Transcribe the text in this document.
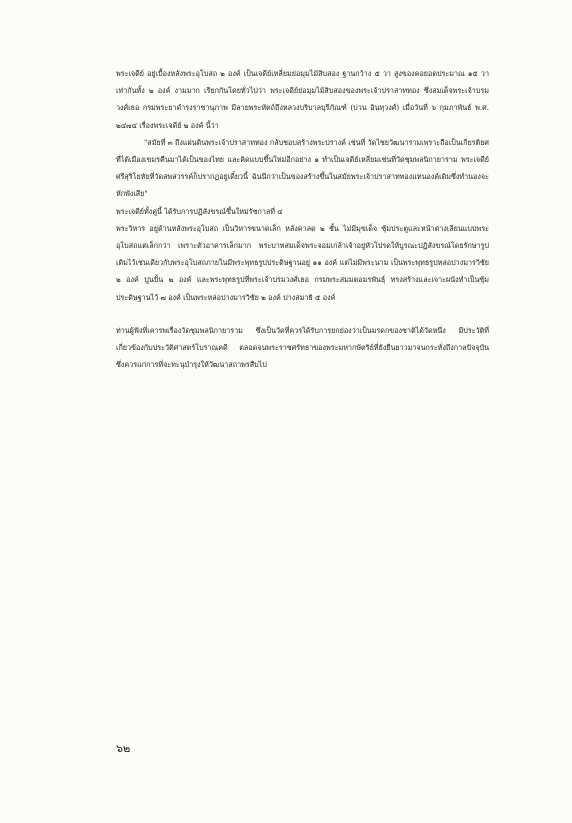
พระเจดีย์ อยู่เบื้องหลังพระอุโบสถ ๒ องค์ เป็นเจดีย์เหลี่ยมย่อมุมไม้สิบสอง ฐานกว้าง ๕ วา สูงของคอยอดประมาณ ๑๕ วา เท่ากันทั้ง ๒ องค์ งามมาก เรียกกันโดยทั่วไปว่า พระเจดีย์ย่อมุมไม้สิบสองของพระเจ้าปราสาททอง ซึ่งสมเด็จพระเจ้าบรมวงศ์เธอ กรมพระยาดำรงราชานุภาพ มีลายพระหัตถ์ถึงหลวงบริบาลบุรีภัณฑ์ (บ่วน อินทุวงศ์) เมื่อวันที่ ๖ กุมภาพันธ์ พ.ศ. ๒๔๗๔ เรื่องพระเจดีย์ ๒ องค์ นี้ว่า

"สมัยที่ ๓ ถึงแผ่นดินพระเจ้าปราสาททอง กลับชอบสร้างพระปรางค์ เช่นที่ วัดไชยวัฒนารามเพราะถือเป็นเกียรติยศที่ได้เมืองเขมรคืนมาได้เป็นของไทย และคิดแบบขึ้นใหม่อีกอย่าง ๑ ทำเป็นเจดีย์เหลี่ยมเช่นที่วัดชุมพลนิกายาราม พระเจดีย์ศรีสุริโยทัยที่วัดสพสวรรค์ก็ปรากฏอยู่เดี๋ยวนี้ ฉันนึกว่าเป็นของสร้างขึ้นในสมัยพระเจ้าปราสาททองแทนองค์เดิมซึ่งทำนองจะหักพังเสีย"

พระเจดีย์ทั้งคู่นี้ ได้รับการปฏิสังขรณ์ขึ้นใหม่รัชกาลที่ ๔

พระวิหาร อยู่ด้านหลังพระอุโบสถ เป็นวิหารขนาดเล็ก หลังคาลด ๒ ชั้น ไม่มีมุขเด็จ ซุ้มประตูและหน้าต่างเลียนแบบพระอุโบสถแต่เล็กกว่า เพราะตัวอาคารเล็กมาก พระบาทสมเด็จพระจอมเกล้าเจ้าอยู่หัวโปรดให้บูรณะปฏิสังขรณ์โดยรักษารูปเดิมไว้เช่นเดียวกับพระอุโบสถภายในมีพระพุทธรูปประดิษฐานอยู่ ๑๑ องค์ แต่ไม่มีพระนาม เป็นพระพุทธรูปหล่อปางมารวิชัย ๒ องค์ ปูนปั้น ๒ องค์ และพระพุทธรูปที่พระเจ้าบรมวงศ์เธอ กรมพระสมมตอมรพันธุ์ ทรงสร้างและเจาะผนังทำเป็นซุ้มประดิษฐานไว้ ๗ องค์ เป็นพระหล่อปางมารวิชัย ๒ องค์ ปางสมาธิ ๕ องค์

ท่านผู้ฟังที่เคารพเรื่องวัดชุมพลนิกายาราม ซึ่งเป็นวัดที่ควรได้รับการยกย่องว่าเป็นมรดกของชาติได้วัดหนึ่ง มีประวัติที่เกี่ยวข้องกับประวัติศาสตร์โบราณคดี ตลอดจนพระราชศรัทธาของพระมหากษัตริย์ที่ยังยืนยาวมาจนกระทั่งถึงกาลปัจจุบัน ซึ่งควรแก่การที่จะทะนุบำรุงให้วัฒนาสถาพรสืบไป

๖๒
